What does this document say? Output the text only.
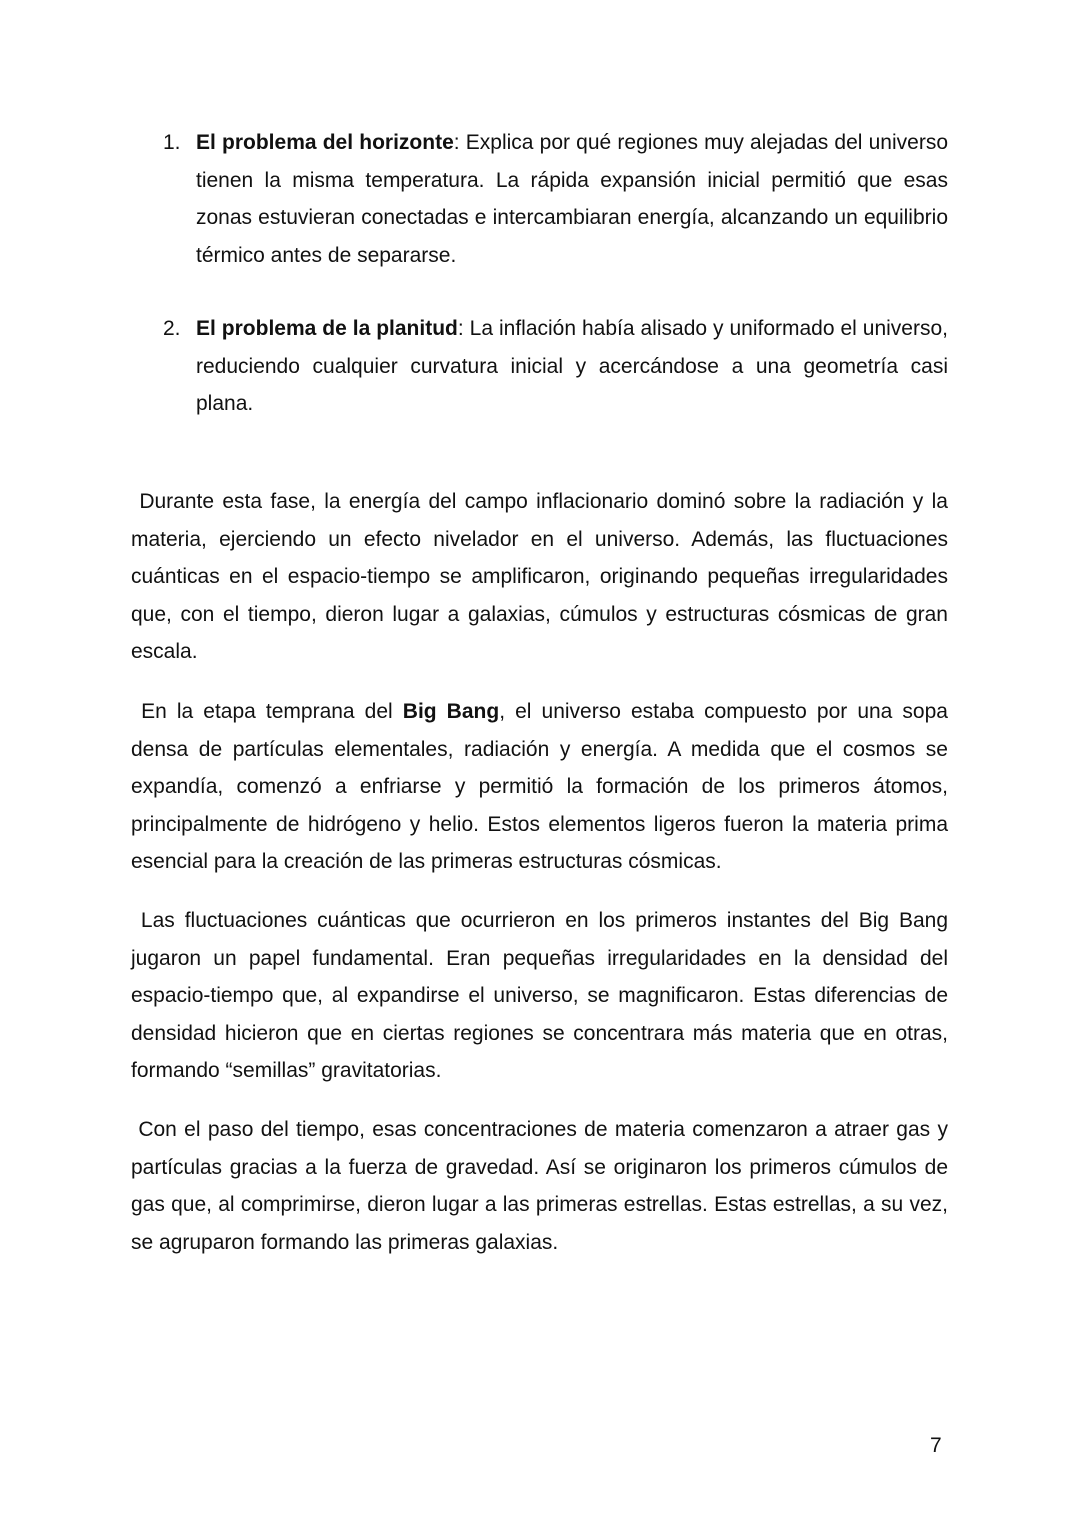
1. El problema del horizonte: Explica por qué regiones muy alejadas del universo tienen la misma temperatura. La rápida expansión inicial permitió que esas zonas estuvieran conectadas e intercambiaran energía, alcanzando un equilibrio térmico antes de separarse.
2. El problema de la planitud: La inflación había alisado y uniformado el universo, reduciendo cualquier curvatura inicial y acercándose a una geometría casi plana.

Durante esta fase, la energía del campo inflacionario dominó sobre la radiación y la materia, ejerciendo un efecto nivelador en el universo. Además, las fluctuaciones cuánticas en el espacio-tiempo se amplificaron, originando pequeñas irregularidades que, con el tiempo, dieron lugar a galaxias, cúmulos y estructuras cósmicas de gran escala.

En la etapa temprana del Big Bang, el universo estaba compuesto por una sopa densa de partículas elementales, radiación y energía. A medida que el cosmos se expandía, comenzó a enfriarse y permitió la formación de los primeros átomos, principalmente de hidrógeno y helio. Estos elementos ligeros fueron la materia prima esencial para la creación de las primeras estructuras cósmicas.

Las fluctuaciones cuánticas que ocurrieron en los primeros instantes del Big Bang jugaron un papel fundamental. Eran pequeñas irregularidades en la densidad del espacio-tiempo que, al expandirse el universo, se magnificaron. Estas diferencias de densidad hicieron que en ciertas regiones se concentrara más materia que en otras, formando “semillas” gravitatorias.

Con el paso del tiempo, esas concentraciones de materia comenzaron a atraer gas y partículas gracias a la fuerza de gravedad. Así se originaron los primeros cúmulos de gas que, al comprimirse, dieron lugar a las primeras estrellas. Estas estrellas, a su vez, se agruparon formando las primeras galaxias.

7
